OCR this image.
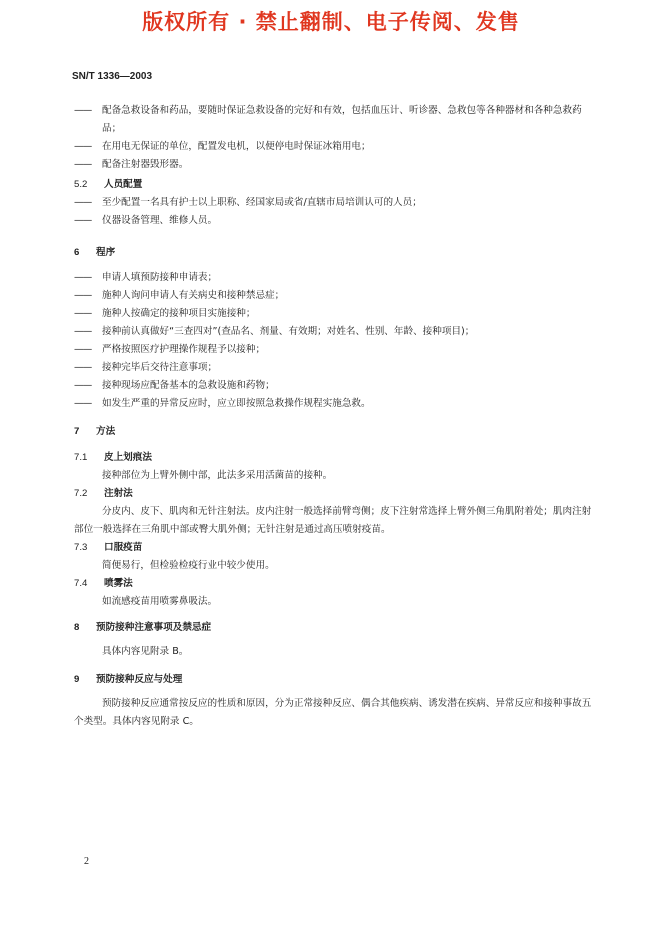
版权所有 · 禁止翻制、电子传阅、发售
SN/T 1336—2003
—— 配备急救设备和药品，要随时保证急救设备的完好和有效，包括血压计、听诊器、急救包等各种器材和各种急救药品；
—— 在用电无保证的单位，配置发电机，以便停电时保证冰箱用电；
—— 配备注射器毁形器。
5.2 人员配置
—— 至少配置一名具有护士以上职称、经国家局或省/直辖市局培训认可的人员；
—— 仪器设备管理、维修人员。
6 程序
—— 申请人填预防接种申请表；
—— 施种人询问申请人有关病史和接种禁忌症；
—— 施种人按确定的接种项目实施接种；
—— 接种前认真做好“三查四对”(查品名、剂量、有效期；对姓名、性别、年龄、接种项目)；
—— 严格按照医疗护理操作规程予以接种；
—— 接种完毕后交待注意事项；
—— 接种现场应配备基本的急救设施和药物；
—— 如发生严重的异常反应时，应立即按照急救操作规程实施急救。
7 方法
7.1 皮上划痕法
接种部位为上臂外侧中部，此法多采用活菌苗的接种。
7.2 注射法
分皮内、皮下、肌肉和无针注射法。皮内注射一般选择前臂弯侧；皮下注射常选择上臂外侧三角肌附着处；肌肉注射部位一般选择在三角肌中部或臀大肌外侧；无针注射是通过高压喷射疫苗。
7.3 口服疫苗
简便易行，但检验检疫行业中较少使用。
7.4 喷雾法
如流感疫苗用喷雾鼻吸法。
8 预防接种注意事项及禁忌症
具体内容见附录 B。
9 预防接种反应与处理
预防接种反应通常按反应的性质和原因，分为正常接种反应、偶合其他疾病、诱发潜在疾病、异常反应和接种事故五个类型。具体内容见附录 C。
2
